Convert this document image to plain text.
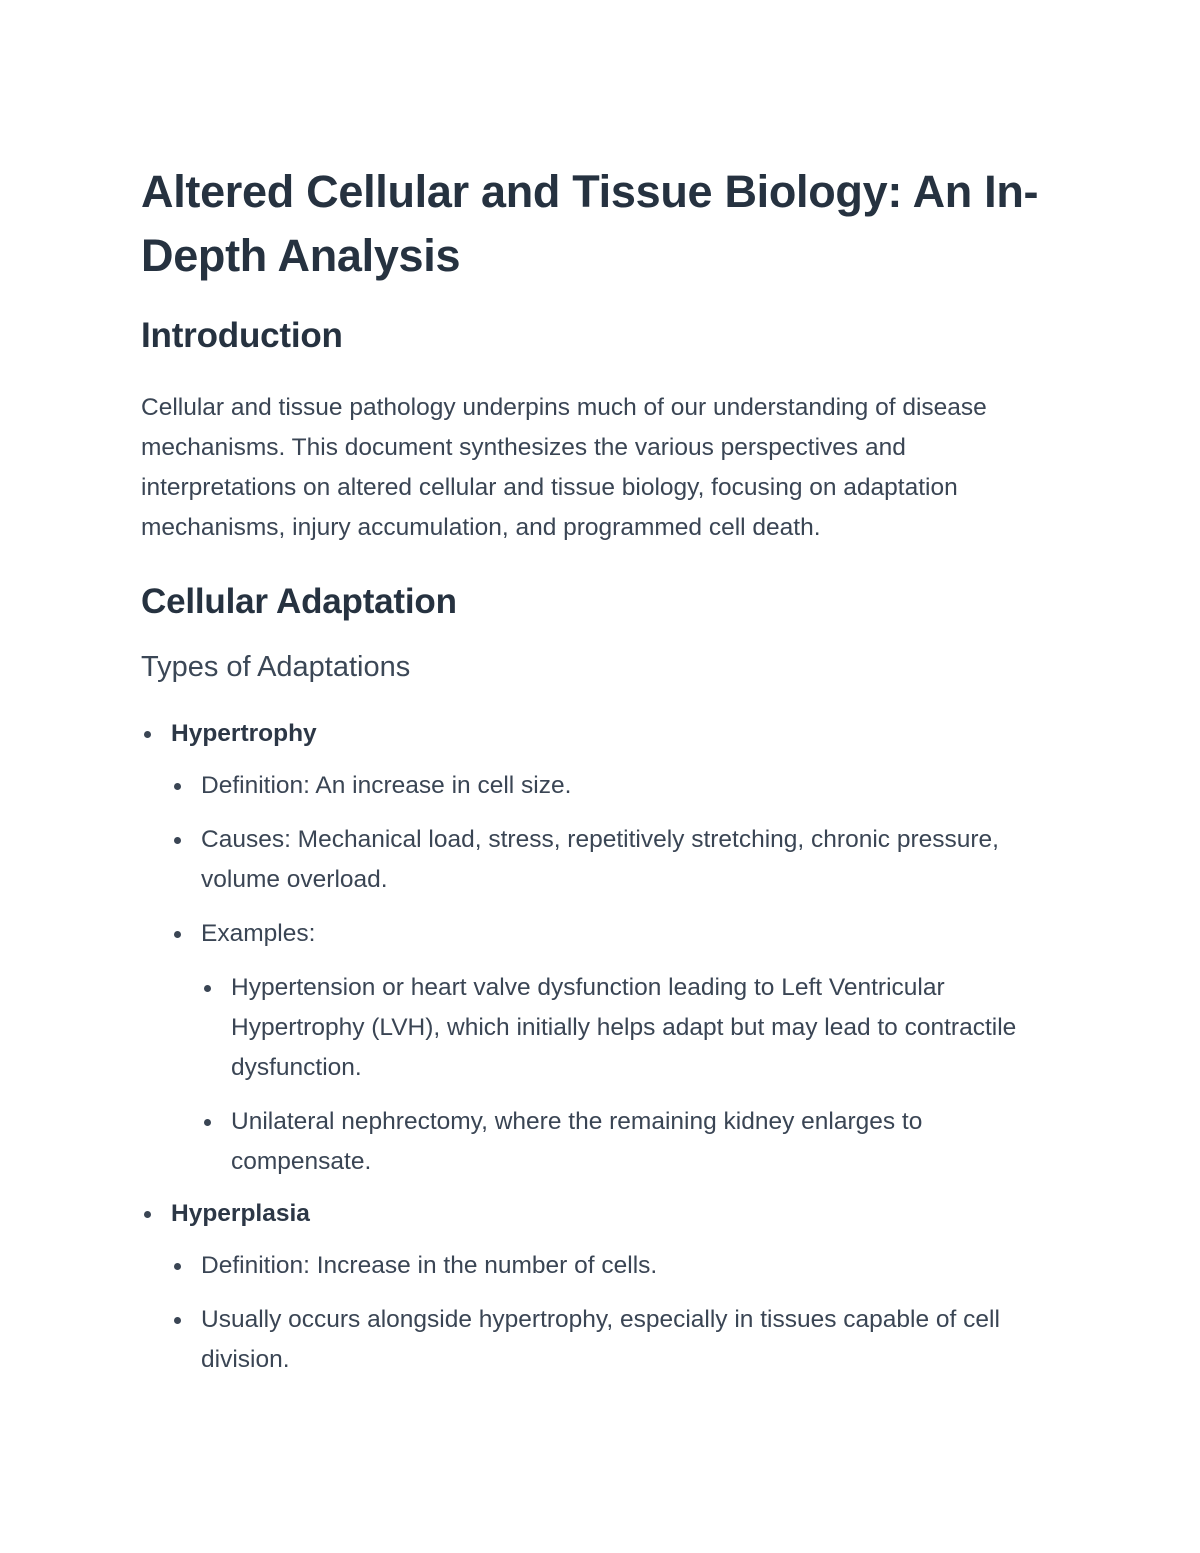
Altered Cellular and Tissue Biology: An In-Depth Analysis
Introduction

Cellular and tissue pathology underpins much of our understanding of disease mechanisms. This document synthesizes the various perspectives and interpretations on altered cellular and tissue biology, focusing on adaptation mechanisms, injury accumulation, and programmed cell death.

Cellular Adaptation
Types of Adaptations
Hypertrophy
Definition: An increase in cell size.
Causes: Mechanical load, stress, repetitively stretching, chronic pressure, volume overload.
Examples:
Hypertension or heart valve dysfunction leading to Left Ventricular Hypertrophy (LVH), which initially helps adapt but may lead to contractile dysfunction.
Unilateral nephrectomy, where the remaining kidney enlarges to compensate.
Hyperplasia
Definition: Increase in the number of cells.
Usually occurs alongside hypertrophy, especially in tissues capable of cell division.
